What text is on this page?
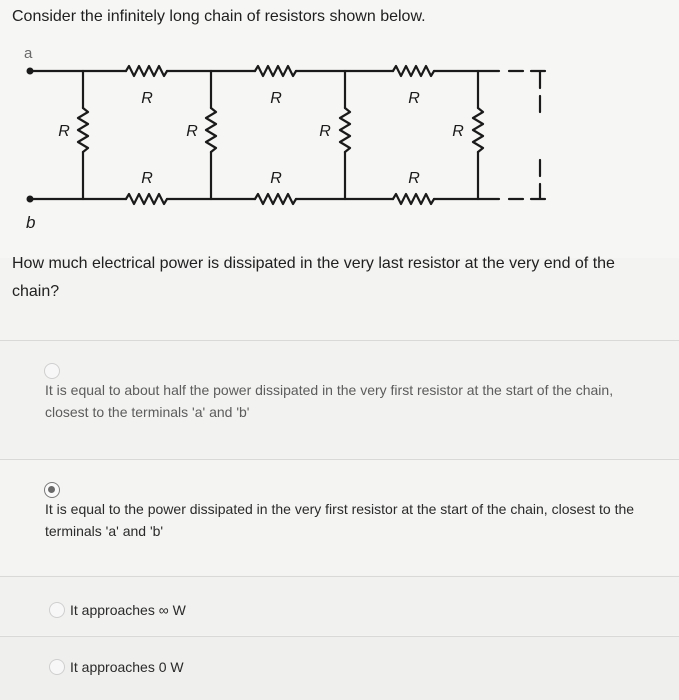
Consider the infinitely long chain of resistors shown below.
a
b
R	R	R
R	R	R
R	R	R	R
How much electrical power is dissipated in the very last resistor at the very end of the chain?
It is equal to about half the power dissipated in the very first resistor at the start of the chain, closest to the terminals 'a' and 'b'
It is equal to the power dissipated in the very first resistor at the start of the chain, closest to the terminals 'a' and 'b'
It approaches ∞ W
It approaches 0 W
